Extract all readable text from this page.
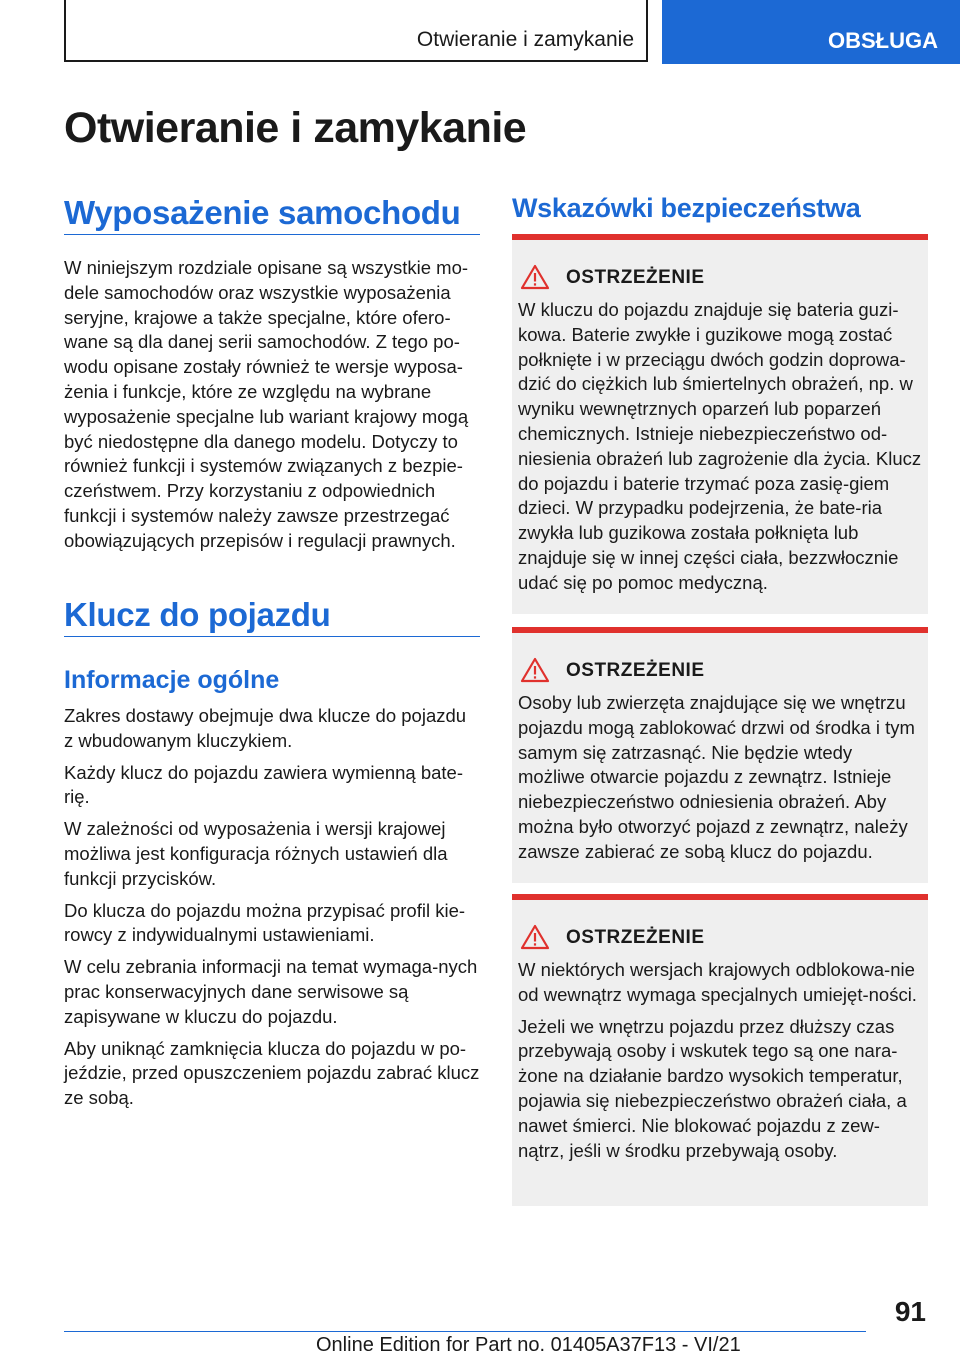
Otwieranie i zamykanie	OBSŁUGA
Otwieranie i zamykanie
Wyposażenie samochodu

W niniejszym rozdziale opisane są wszystkie mo-dele samochodów oraz wszystkie wyposażenia seryjne, krajowe a także specjalne, które ofero-wane są dla danej serii samochodów. Z tego po-wodu opisane zostały również te wersje wyposa-żenia i funkcje, które ze względu na wybrane wyposażenie specjalne lub wariant krajowy mogą być niedostępne dla danego modelu. Dotyczy to również funkcji i systemów związanych z bezpie-czeństwem. Przy korzystaniu z odpowiednich funkcji i systemów należy zawsze przestrzegać obowiązujących przepisów i regulacji prawnych.

Klucz do pojazdu
Informacje ogólne

Zakres dostawy obejmuje dwa klucze do pojazdu z wbudowanym kluczykiem.

Każdy klucz do pojazdu zawiera wymienną bate-rię.

W zależności od wyposażenia i wersji krajowej możliwa jest konfiguracja różnych ustawień dla funkcji przycisków.

Do klucza do pojazdu można przypisać profil kie-rowcy z indywidualnymi ustawieniami.

W celu zebrania informacji na temat wymaga-nych prac konserwacyjnych dane serwisowe są zapisywane w kluczu do pojazdu.

Aby uniknąć zamknięcia klucza do pojazdu w po-jeździe, przed opuszczeniem pojazdu zabrać klucz ze sobą.

Wskazówki bezpieczeństwa
OSTRZEŻENIE

W kluczu do pojazdu znajduje się bateria guzi-kowa. Baterie zwykłe i guzikowe mogą zostać połknięte i w przeciągu dwóch godzin doprowa-dzić do ciężkich lub śmiertelnych obrażeń, np. w wyniku wewnętrznych oparzeń lub poparzeń chemicznych. Istnieje niebezpieczeństwo od-niesienia obrażeń lub zagrożenie dla życia. Klucz do pojazdu i baterie trzymać poza zasię-giem dzieci. W przypadku podejrzenia, że bate-ria zwykła lub guzikowa została połknięta lub znajduje się w innej części ciała, bezzwłocznie udać się po pomoc medyczną.

OSTRZEŻENIE

Osoby lub zwierzęta znajdujące się we wnętrzu pojazdu mogą zablokować drzwi od środka i tym samym się zatrzasnąć. Nie będzie wtedy możliwe otwarcie pojazdu z zewnątrz. Istnieje niebezpieczeństwo odniesienia obrażeń. Aby można było otworzyć pojazd z zewnątrz, należy zawsze zabierać ze sobą klucz do pojazdu.

OSTRZEŻENIE

W niektórych wersjach krajowych odblokowa-nie od wewnątrz wymaga specjalnych umiejęt-ności.

Jeżeli we wnętrzu pojazdu przez dłuższy czas przebywają osoby i wskutek tego są one nara-żone na działanie bardzo wysokich temperatur, pojawia się niebezpieczeństwo obrażeń ciała, a nawet śmierci. Nie blokować pojazdu z zew-nątrz, jeśli w środku przebywają osoby.

91
Online Edition for Part no. 01405A37F13 - VI/21
